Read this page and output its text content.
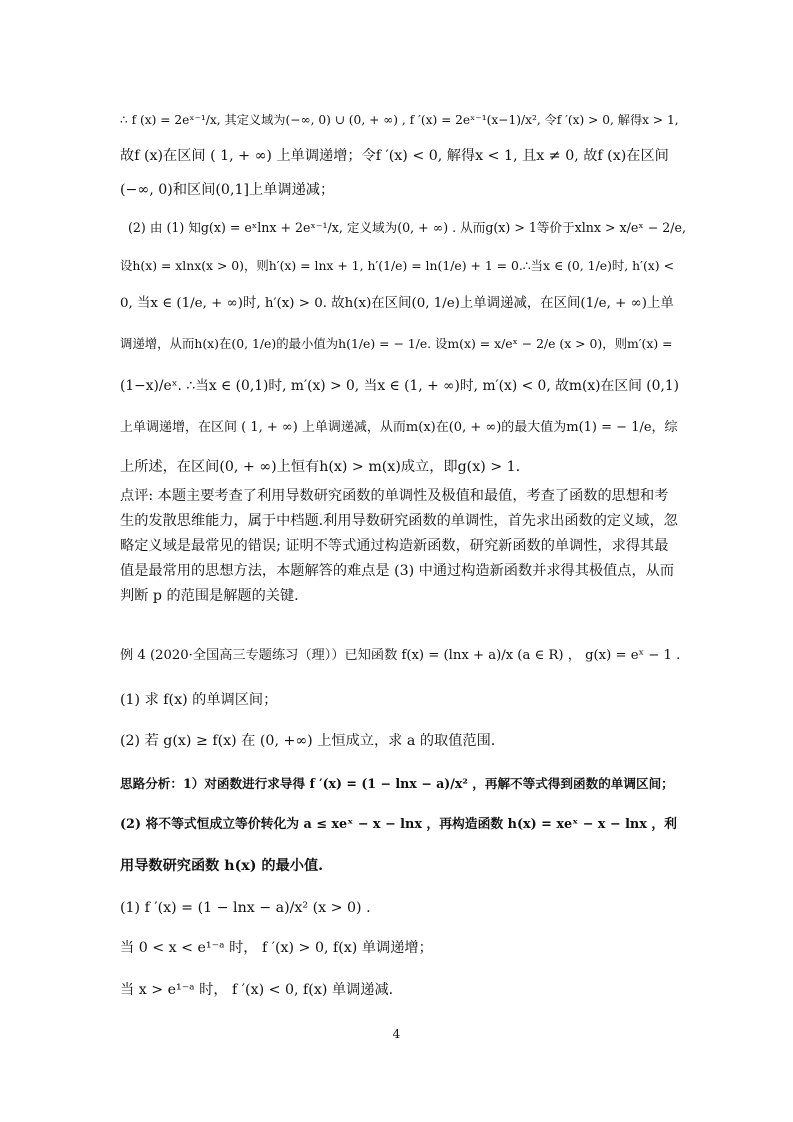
∴ f (x) = 2eˣ⁻¹/x, 其定义域为(−∞, 0) ∪ (0, + ∞) , f ′(x) = 2eˣ⁻¹(x−1)/x², 令f ′(x) > 0, 解得x > 1,
故f (x)在区间 ( 1, + ∞) 上单调递增；令f ′(x) < 0, 解得x < 1, 且x ≠ 0, 故f (x)在区间
(−∞, 0)和区间(0,1]上单调递减；
(2) 由 (1) 知g(x) = eˣlnx + 2eˣ⁻¹/x, 定义域为(0, + ∞) . 从而g(x) > 1等价于xlnx > x/eˣ − 2/e,
设h(x) = xlnx(x > 0)，则h′(x) = lnx + 1, h′(1/e) = ln(1/e) + 1 = 0.∴当x ∈ (0, 1/e)时, h′(x) <
0, 当x ∈ (1/e, + ∞)时, h′(x) > 0. 故h(x)在区间(0, 1/e)上单调递减，在区间(1/e, + ∞)上单
调递增，从而h(x)在(0, 1/e)的最小值为h(1/e) = − 1/e. 设m(x) = x/eˣ − 2/e (x > 0)，则m′(x) =
(1−x)/eˣ. ∴当x ∈ (0,1)时, m′(x) > 0, 当x ∈ (1, + ∞)时, m′(x) < 0, 故m(x)在区间 (0,1)
上单调递增，在区间 ( 1, + ∞) 上单调递减，从而m(x)在(0, + ∞)的最大值为m(1) = − 1/e，综
上所述，在区间(0, + ∞)上恒有h(x) > m(x)成立，即g(x) > 1.
点评: 本题主要考查了利用导数研究函数的单调性及极值和最值，考查了函数的思想和考生的发散思维能力，属于中档题.利用导数研究函数的单调性，首先求出函数的定义域，忽略定义域是最常见的错误; 证明不等式通过构造新函数，研究新函数的单调性，求得其最值是最常用的思想方法，本题解答的难点是 (3) 中通过构造新函数并求得其极值点，从而判断 p 的范围是解题的关键.
例 4 (2020·全国高三专题练习（理））已知函数 f(x) = (lnx + a)/x (a ∈ R) ， g(x) = eˣ − 1 .
(1) 求 f(x) 的单调区间；
(2) 若 g(x) ≥ f(x) 在 (0, +∞) 上恒成立，求 a 的取值范围.
思路分析：1）对函数进行求导得 f ′(x) = (1 − lnx − a)/x² ，再解不等式得到函数的单调区间；
(2) 将不等式恒成立等价转化为 a ≤ xeˣ − x − lnx ，再构造函数 h(x) = xeˣ − x − lnx ，利
用导数研究函数 h(x) 的最小值.
(1) f ′(x) = (1 − lnx − a)/x² (x > 0) .
当 0 < x < e¹⁻ᵃ 时， f ′(x) > 0, f(x) 单调递增；
当 x > e¹⁻ᵃ 时， f ′(x) < 0, f(x) 单调递减.
4
